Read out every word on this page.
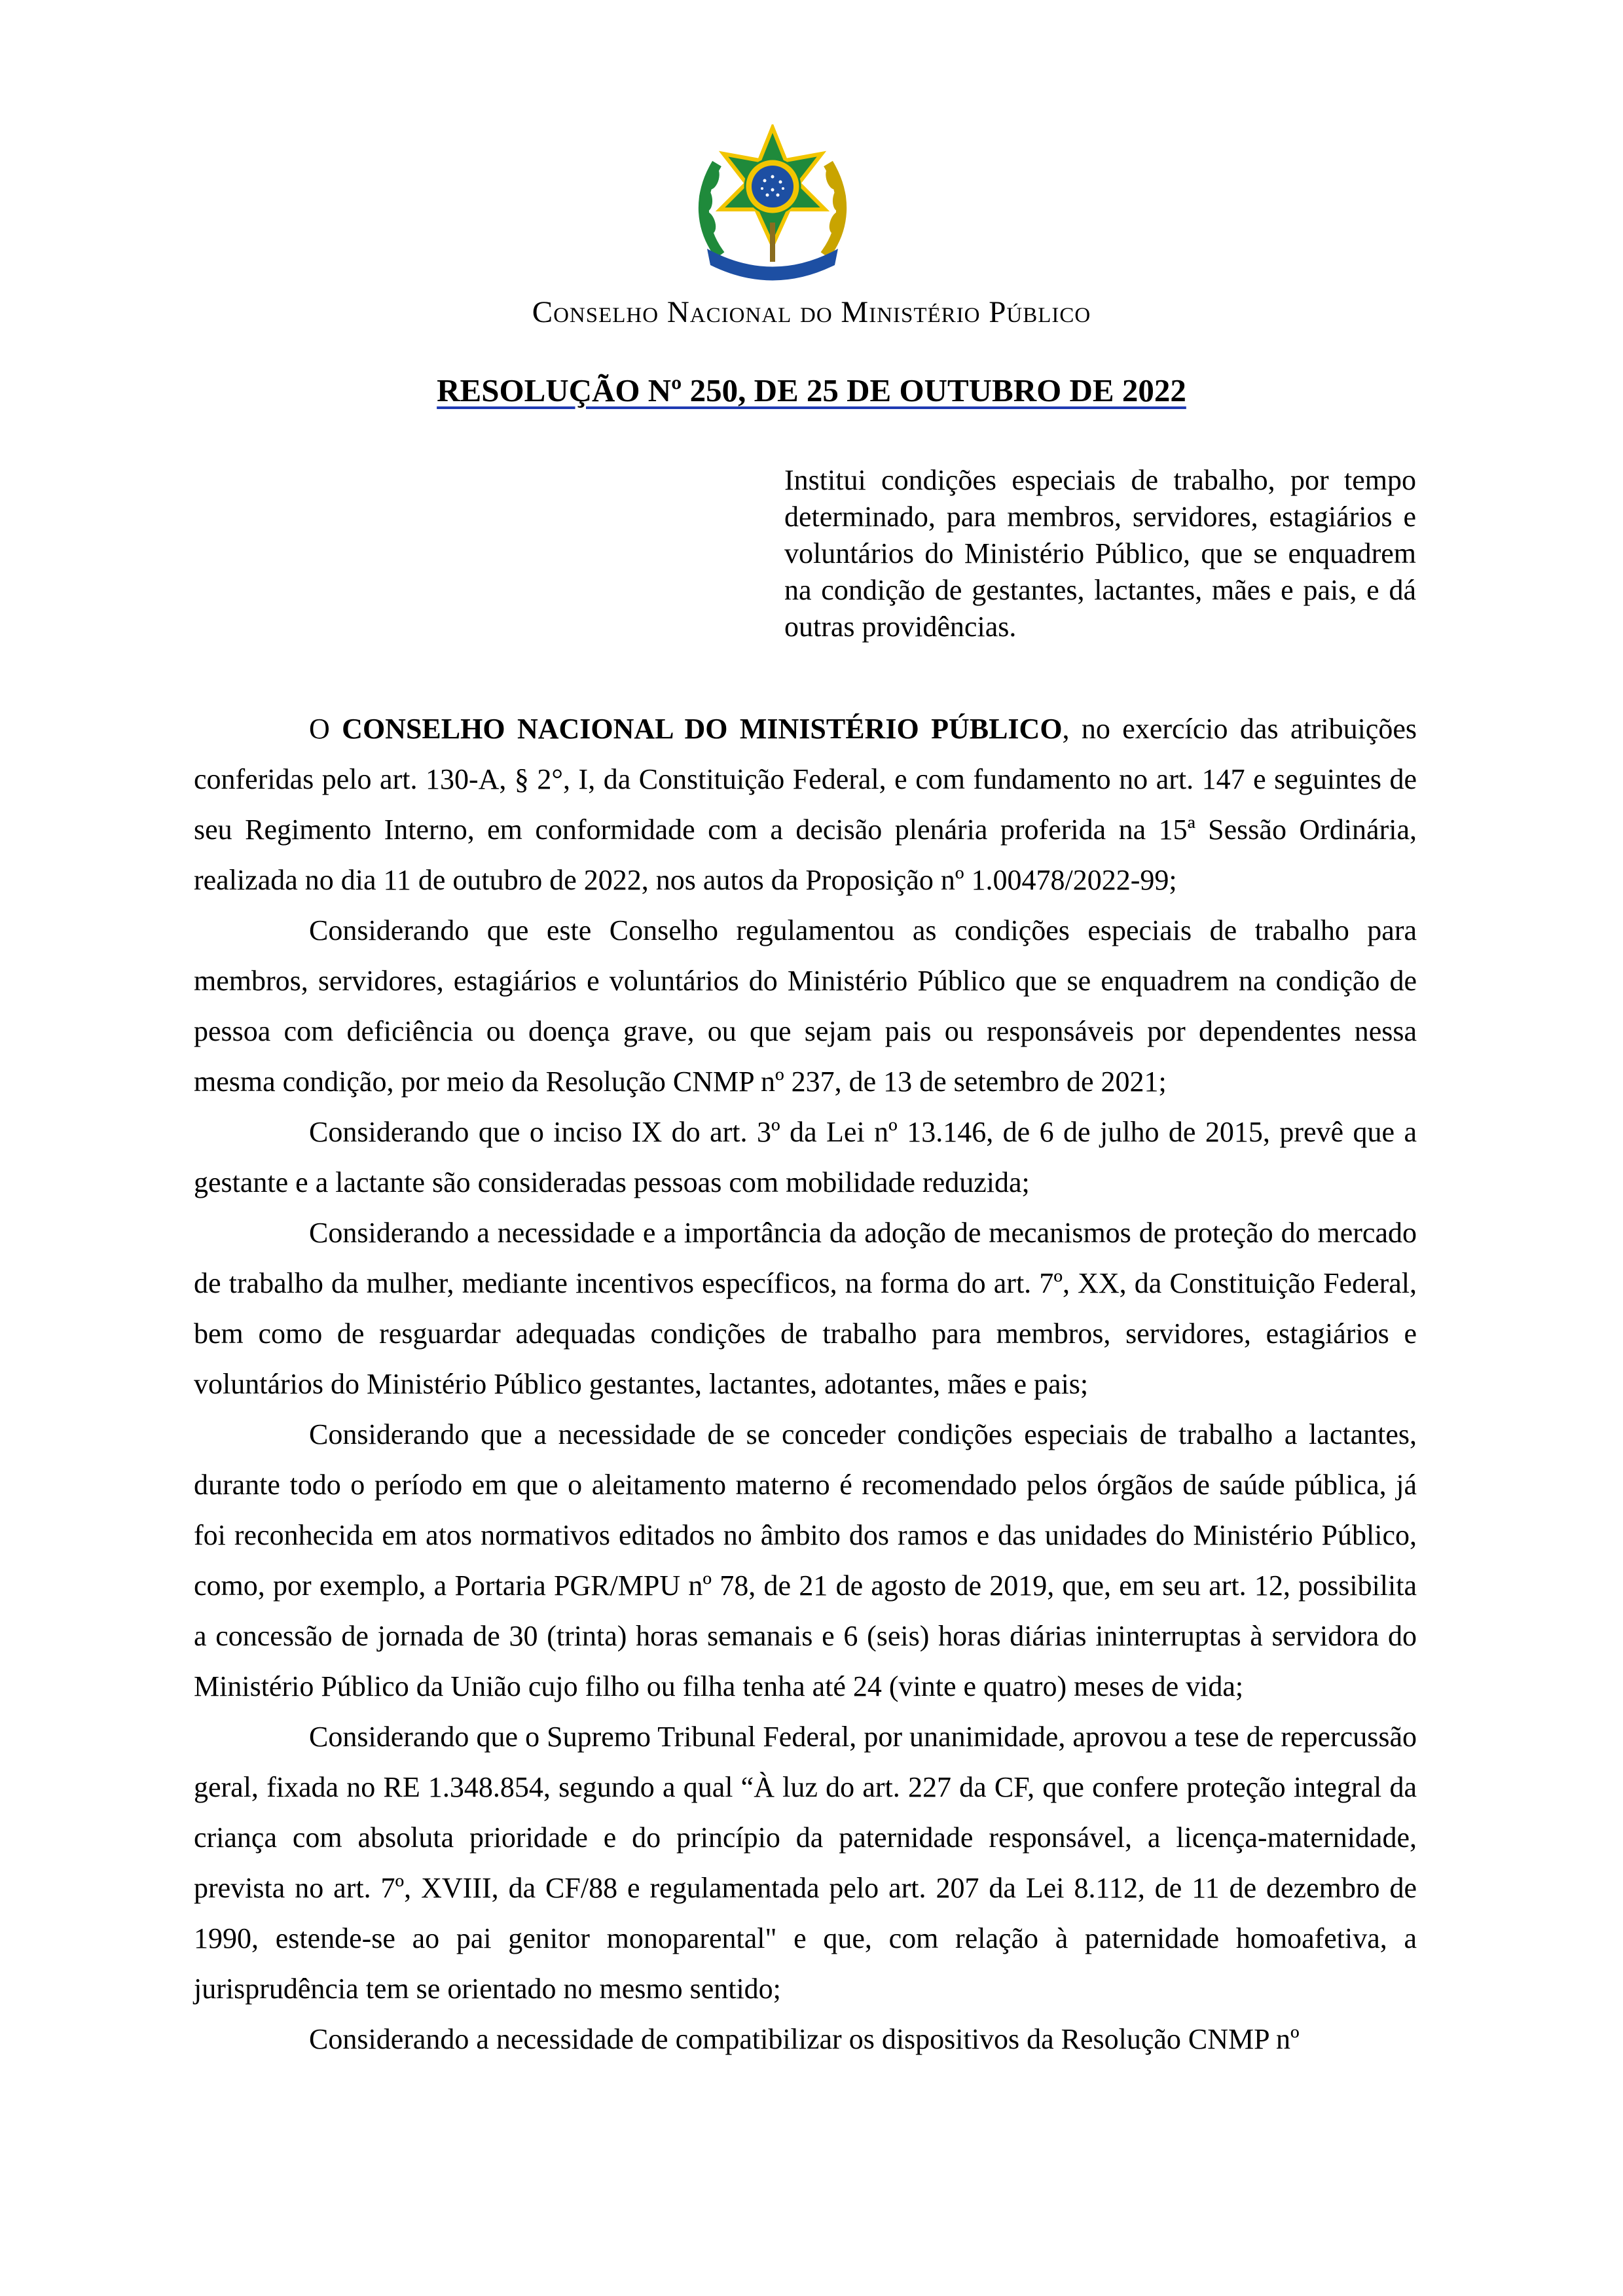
Conselho Nacional do Ministério Público
RESOLUÇÃO Nº 250, DE 25 DE OUTUBRO DE 2022
Institui condições especiais de trabalho, por tempo determinado, para membros, servidores, estagiários e voluntários do Ministério Público, que se enquadrem na condição de gestantes, lactantes, mães e pais, e dá outras providências.

O CONSELHO NACIONAL DO MINISTÉRIO PÚBLICO, no exercício das atribuições conferidas pelo art. 130-A, § 2°, I, da Constituição Federal, e com fundamento no art. 147 e seguintes de seu Regimento Interno, em conformidade com a decisão plenária proferida na 15ª Sessão Ordinária, realizada no dia 11 de outubro de 2022, nos autos da Proposição nº 1.00478/2022-99;

Considerando que este Conselho regulamentou as condições especiais de trabalho para membros, servidores, estagiários e voluntários do Ministério Público que se enquadrem na condição de pessoa com deficiência ou doença grave, ou que sejam pais ou responsáveis por dependentes nessa mesma condição, por meio da Resolução CNMP nº 237, de 13 de setembro de 2021;

Considerando que o inciso IX do art. 3º da Lei nº 13.146, de 6 de julho de 2015, prevê que a gestante e a lactante são consideradas pessoas com mobilidade reduzida;

Considerando a necessidade e a importância da adoção de mecanismos de proteção do mercado de trabalho da mulher, mediante incentivos específicos, na forma do art. 7º, XX, da Constituição Federal, bem como de resguardar adequadas condições de trabalho para membros, servidores, estagiários e voluntários do Ministério Público gestantes, lactantes, adotantes, mães e pais;

Considerando que a necessidade de se conceder condições especiais de trabalho a lactantes, durante todo o período em que o aleitamento materno é recomendado pelos órgãos de saúde pública, já foi reconhecida em atos normativos editados no âmbito dos ramos e das unidades do Ministério Público, como, por exemplo, a Portaria PGR/MPU nº 78, de 21 de agosto de 2019, que, em seu art. 12, possibilita a concessão de jornada de 30 (trinta) horas semanais e 6 (seis) horas diárias ininterruptas à servidora do Ministério Público da União cujo filho ou filha tenha até 24 (vinte e quatro) meses de vida;

Considerando que o Supremo Tribunal Federal, por unanimidade, aprovou a tese de repercussão geral, fixada no RE 1.348.854, segundo a qual “À luz do art. 227 da CF, que confere proteção integral da criança com absoluta prioridade e do princípio da paternidade responsável, a licença-maternidade, prevista no art. 7º, XVIII, da CF/88 e regulamentada pelo art. 207 da Lei 8.112, de 11 de dezembro de 1990, estende-se ao pai genitor monoparental" e que, com relação à paternidade homoafetiva, a jurisprudência tem se orientado no mesmo sentido;

Considerando a necessidade de compatibilizar os dispositivos da Resolução CNMP nº
